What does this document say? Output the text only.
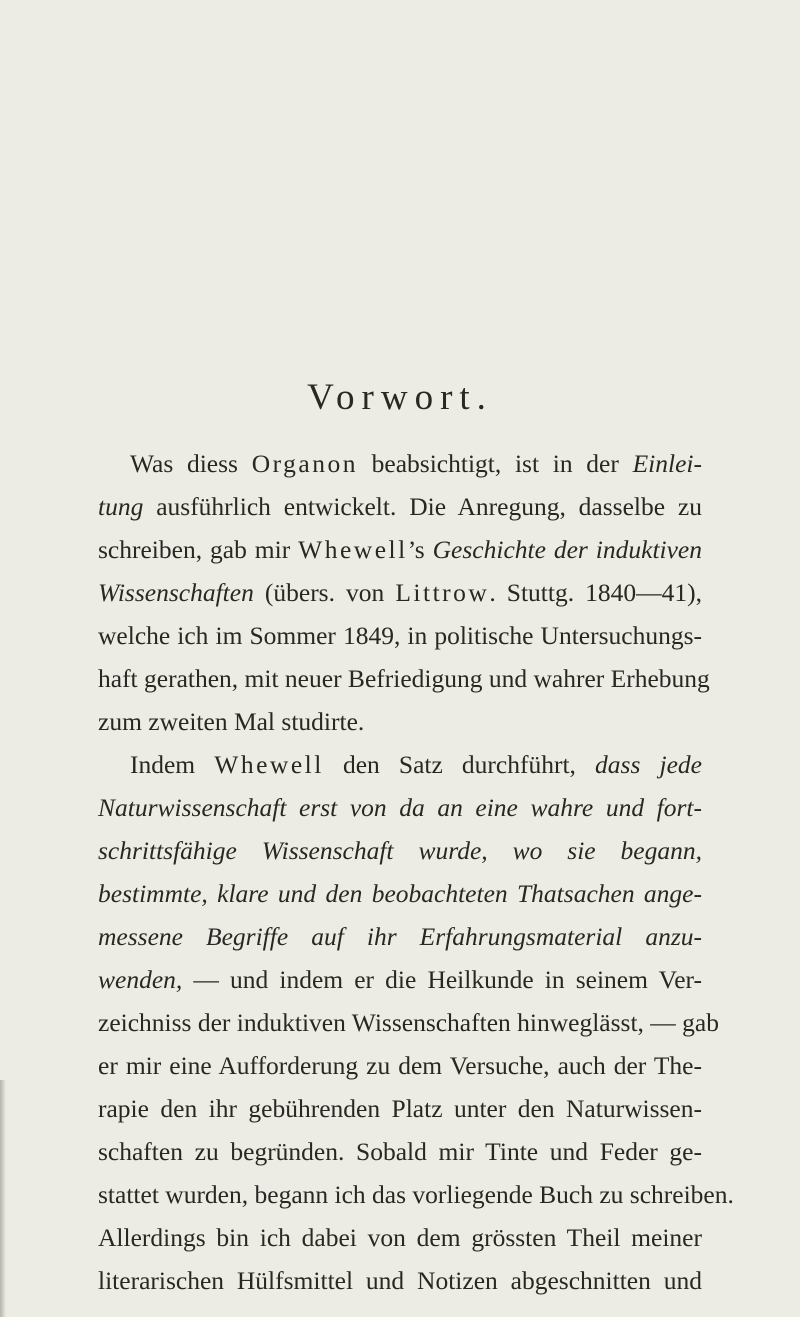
Vorwort.
Was diess Organon beabsichtigt, ist in der Einlei-
tung ausführlich entwickelt. Die Anregung, dasselbe zu
schreiben, gab mir Whewell’s Geschichte der induktiven
Wissenschaften (übers. von Littrow. Stuttg. 1840—41),
welche ich im Sommer 1849, in politische Untersuchungs-
haft gerathen, mit neuer Befriedigung und wahrer Erhebung
zum zweiten Mal studirte.
Indem Whewell den Satz durchführt, dass jede
Naturwissenschaft erst von da an eine wahre und fort-
schrittsfähige Wissenschaft wurde, wo sie begann,
bestimmte, klare und den beobachteten Thatsachen ange-
messene Begriffe auf ihr Erfahrungsmaterial anzu-
wenden, — und indem er die Heilkunde in seinem Ver-
zeichniss der induktiven Wissenschaften hinweglässt, — gab
er mir eine Aufforderung zu dem Versuche, auch der The-
rapie den ihr gebührenden Platz unter den Naturwissen-
schaften zu begründen. Sobald mir Tinte und Feder ge-
stattet wurden, begann ich das vorliegende Buch zu schreiben.
Allerdings bin ich dabei von dem grössten Theil meiner
literarischen Hülfsmittel und Notizen abgeschnitten und
